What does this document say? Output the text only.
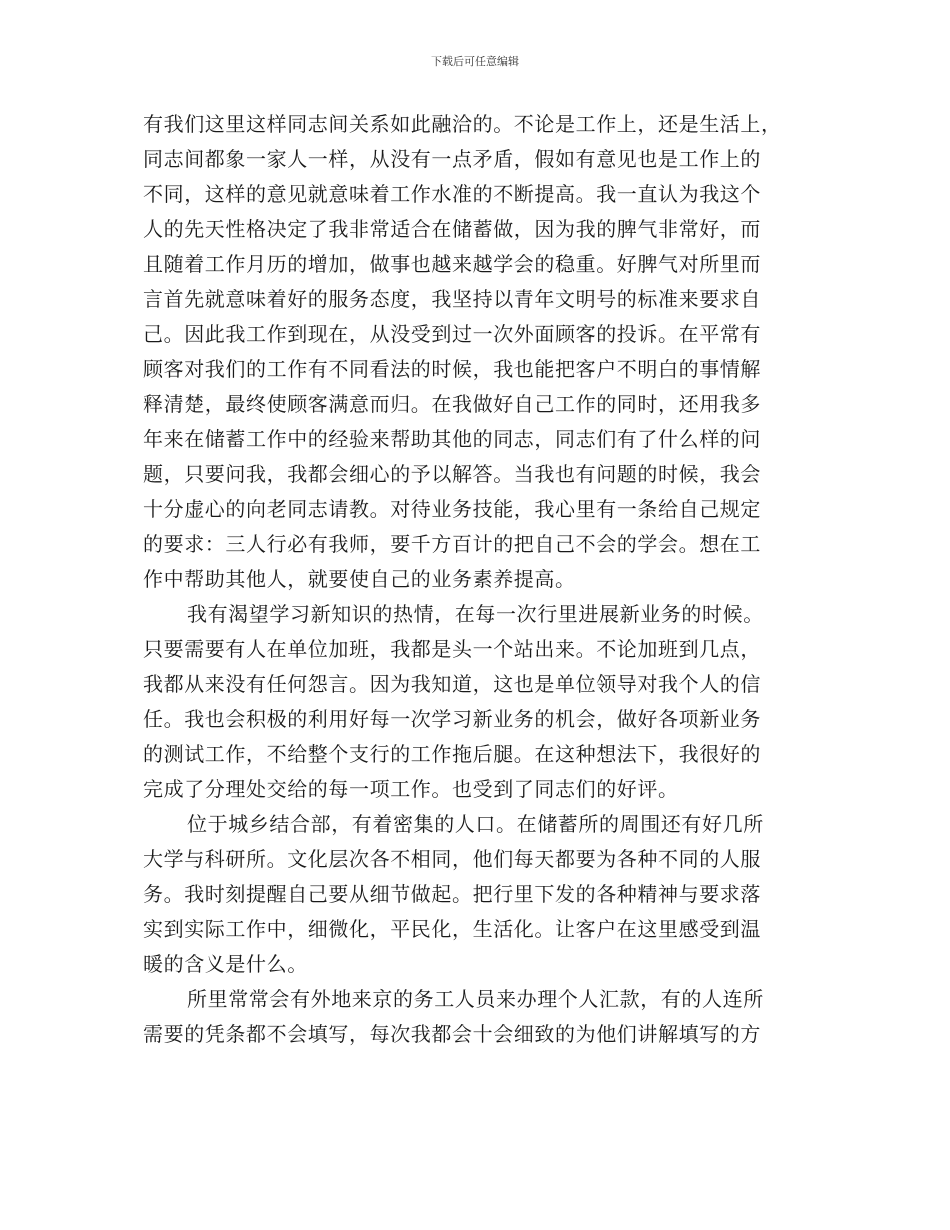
下载后可任意编辑
有我们这里这样同志间关系如此融洽的。不论是工作上，还是生活上，
同志间都象一家人一样，从没有一点矛盾，假如有意见也是工作上的
不同，这样的意见就意味着工作水准的不断提高。我一直认为我这个
人的先天性格决定了我非常适合在储蓄做，因为我的脾气非常好，而
且随着工作月历的增加，做事也越来越学会的稳重。好脾气对所里而
言首先就意味着好的服务态度，我坚持以青年文明号的标准来要求自
己。因此我工作到现在，从没受到过一次外面顾客的投诉。在平常有
顾客对我们的工作有不同看法的时候，我也能把客户不明白的事情解
释清楚，最终使顾客满意而归。在我做好自己工作的同时，还用我多
年来在储蓄工作中的经验来帮助其他的同志，同志们有了什么样的问
题，只要问我，我都会细心的予以解答。当我也有问题的时候，我会
十分虚心的向老同志请教。对待业务技能，我心里有一条给自己规定
的要求：三人行必有我师，要千方百计的把自己不会的学会。想在工
作中帮助其他人，就要使自己的业务素养提高。
我有渴望学习新知识的热情，在每一次行里进展新业务的时候。
只要需要有人在单位加班，我都是头一个站出来。不论加班到几点，
我都从来没有任何怨言。因为我知道，这也是单位领导对我个人的信
任。我也会积极的利用好每一次学习新业务的机会，做好各项新业务
的测试工作，不给整个支行的工作拖后腿。在这种想法下，我很好的
完成了分理处交给的每一项工作。也受到了同志们的好评。
位于城乡结合部，有着密集的人口。在储蓄所的周围还有好几所
大学与科研所。文化层次各不相同，他们每天都要为各种不同的人服
务。我时刻提醒自己要从细节做起。把行里下发的各种精神与要求落
实到实际工作中，细微化，平民化，生活化。让客户在这里感受到温
暖的含义是什么。
所里常常会有外地来京的务工人员来办理个人汇款，有的人连所
需要的凭条都不会填写，每次我都会十会细致的为他们讲解填写的方
